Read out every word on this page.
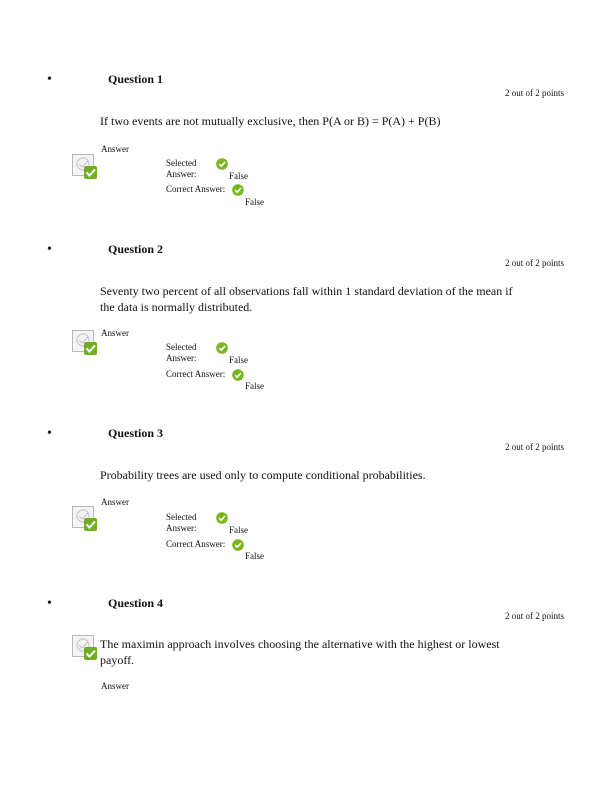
•	Question 1
2 out of 2 points
If two events are not mutually exclusive, then P(A or B) = P(A) + P(B)
Answer
Selected
Answer:	False
Correct Answer:
False
•	Question 2
2 out of 2 points
Seventy two percent of all observations fall within 1 standard deviation of the mean if the data is normally distributed.
Answer
Selected
Answer:	False
Correct Answer:
False
•	Question 3
2 out of 2 points
Probability trees are used only to compute conditional probabilities.
Answer
Selected
Answer:	False
Correct Answer:
False
•	Question 4
2 out of 2 points
The maximin approach involves choosing the alternative with the highest or lowest payoff.
Answer
